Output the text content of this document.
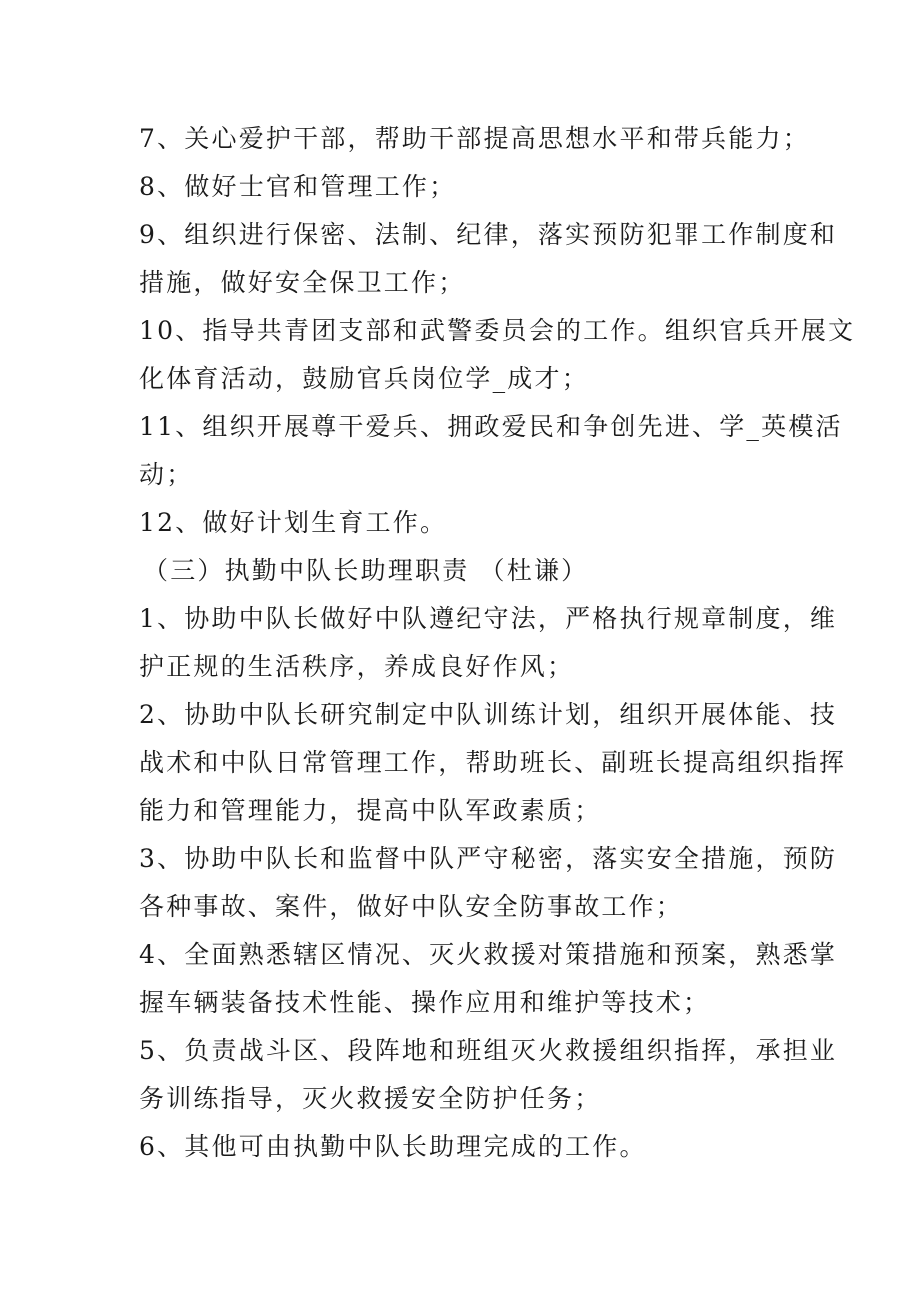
7、关心爱护干部，帮助干部提高思想水平和带兵能力；

8、做好士官和管理工作；

9、组织进行保密、法制、纪律，落实预防犯罪工作制度和

措施，做好安全保卫工作；

10、指导共青团支部和武警委员会的工作。组织官兵开展文

化体育活动，鼓励官兵岗位学_成才；

11、组织开展尊干爱兵、拥政爱民和争创先进、学_英模活

动；

12、做好计划生育工作。

（三）执勤中队长助理职责 （杜谦）

1、协助中队长做好中队遵纪守法，严格执行规章制度，维

护正规的生活秩序，养成良好作风；

2、协助中队长研究制定中队训练计划，组织开展体能、技

战术和中队日常管理工作，帮助班长、副班长提高组织指挥

能力和管理能力，提高中队军政素质；

3、协助中队长和监督中队严守秘密，落实安全措施，预防

各种事故、案件，做好中队安全防事故工作；

4、全面熟悉辖区情况、灭火救援对策措施和预案，熟悉掌

握车辆装备技术性能、操作应用和维护等技术；

5、负责战斗区、段阵地和班组灭火救援组织指挥，承担业

务训练指导，灭火救援安全防护任务；

6、其他可由执勤中队长助理完成的工作。
